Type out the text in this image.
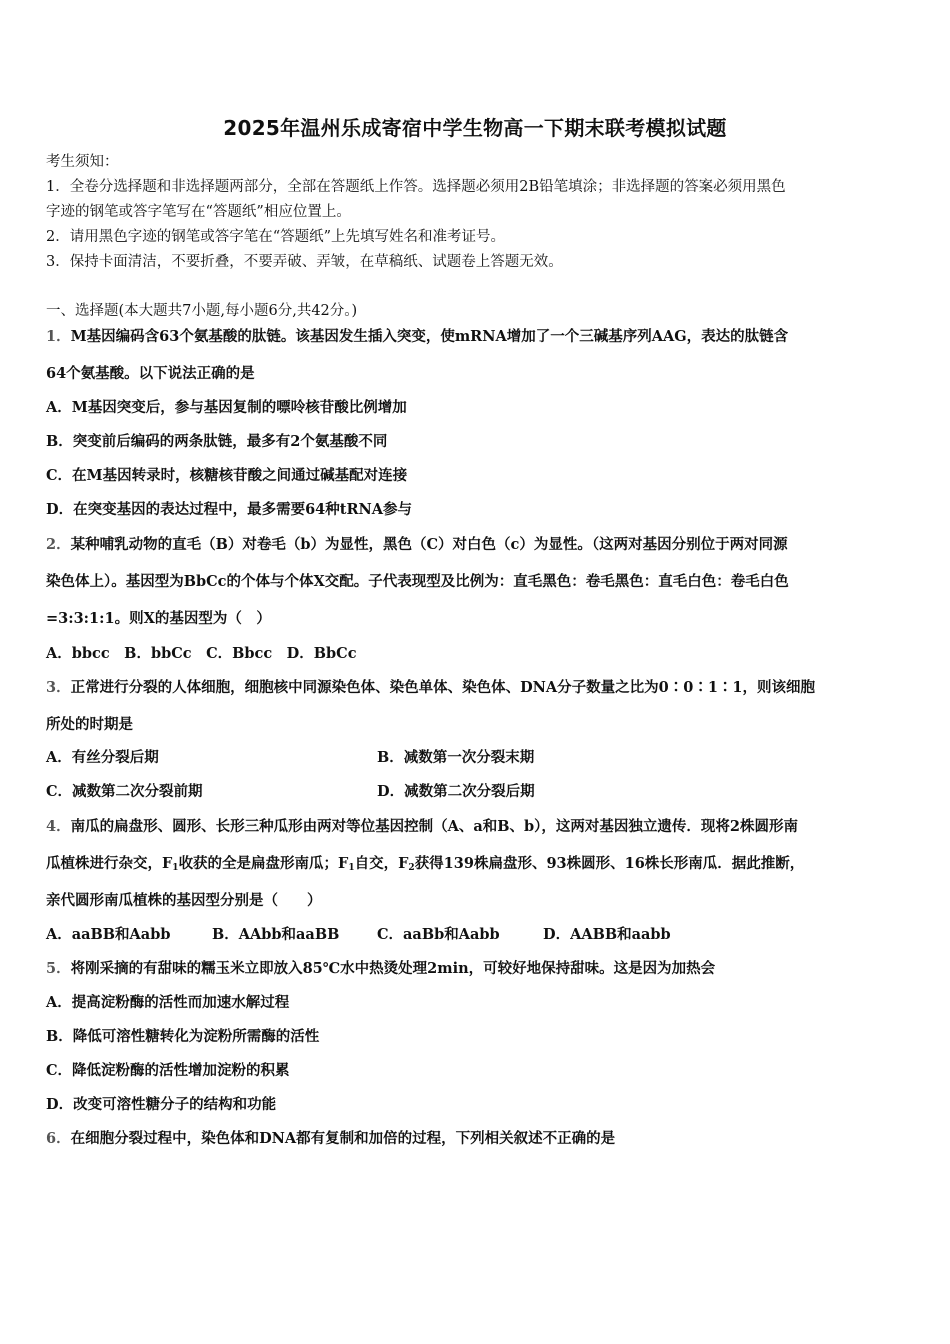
2025年温州乐成寄宿中学生物高一下期末联考模拟试题
考生须知：
1．全卷分选择题和非选择题两部分，全部在答题纸上作答。选择题必须用2B铅笔填涂；非选择题的答案必须用黑色
字迹的钢笔或答字笔写在“答题纸”相应位置上。
2．请用黑色字迹的钢笔或答字笔在“答题纸”上先填写姓名和准考证号。
3．保持卡面清洁，不要折叠，不要弄破、弄皱，在草稿纸、试题卷上答题无效。
一、选择题(本大题共7小题,每小题6分,共42分。)
1．M基因编码含63个氨基酸的肽链。该基因发生插入突变，使mRNA增加了一个三碱基序列AAG，表达的肽链含
64个氨基酸。以下说法正确的是
A．M基因突变后，参与基因复制的嘌呤核苷酸比例增加
B．突变前后编码的两条肽链，最多有2个氨基酸不同
C．在M基因转录时，核糖核苷酸之间通过碱基配对连接
D．在突变基因的表达过程中，最多需要64种tRNA参与
2．某种哺乳动物的直毛（B）对卷毛（b）为显性，黑色（C）对白色（c）为显性。（这两对基因分别位于两对同源
染色体上）。基因型为BbCc的个体与个体X交配。子代表现型及比例为：直毛黑色：卷毛黑色：直毛白色：卷毛白色
=3:3:1:1。则X的基因型为（　）
A．bbcc　B．bbCc　C．Bbcc　D．BbCc
3．正常进行分裂的人体细胞，细胞核中同源染色体、染色单体、染色体、DNA分子数量之比为0∶0∶1∶1，则该细胞
所处的时期是
A．有丝分裂后期	B．减数第一次分裂末期
C．减数第二次分裂前期	D．减数第二次分裂后期
4．南瓜的扁盘形、圆形、长形三种瓜形由两对等位基因控制（A、a和B、b），这两对基因独立遗传．现将2株圆形南
瓜植株进行杂交，$F_1$收获的全是扁盘形南瓜；$F_1$自交，$F_2$获得139株扁盘形、93株圆形、16株长形南瓜．据此推断，
亲代圆形南瓜植株的基因型分别是（　　）
A．aaBB和Aabb	B．AAbb和aaBB	C．aaBb和Aabb	D．AABB和aabb
5．将刚采摘的有甜味的糯玉米立即放入85℃水中热烫处理2min，可较好地保持甜味。这是因为加热会
A．提高淀粉酶的活性而加速水解过程
B．降低可溶性糖转化为淀粉所需酶的活性
C．降低淀粉酶的活性增加淀粉的积累
D．改变可溶性糖分子的结构和功能
6．在细胞分裂过程中，染色体和DNA都有复制和加倍的过程，下列相关叙述不正确的是
